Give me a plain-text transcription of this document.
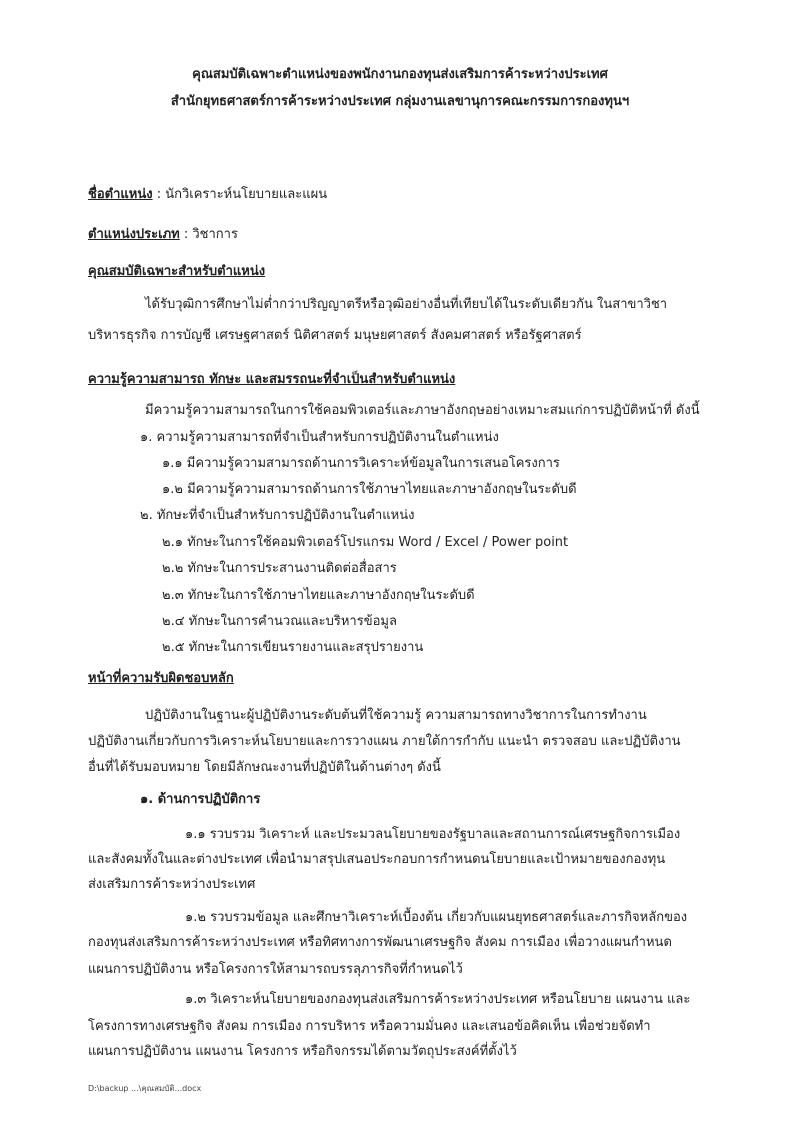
คุณสมบัติเฉพาะตำแหน่งของพนักงานกองทุนส่งเสริมการค้าระหว่างประเทศ
สำนักยุทธศาสตร์การค้าระหว่างประเทศ กลุ่มงานเลขานุการคณะกรรมการกองทุนฯ
ชื่อตำแหน่ง : นักวิเคราะห์นโยบายและแผน
ตำแหน่งประเภท : วิชาการ
คุณสมบัติเฉพาะสำหรับตำแหน่ง
ได้รับวุฒิการศึกษาไม่ต่ำกว่าปริญญาตรีหรือวุฒิอย่างอื่นที่เทียบได้ในระดับเดียวกัน ในสาขาวิชา
บริหารธุรกิจ การบัญชี เศรษฐศาสตร์ นิติศาสตร์ มนุษยศาสตร์ สังคมศาสตร์ หรือรัฐศาสตร์
ความรู้ความสามารถ ทักษะ และสมรรถนะที่จำเป็นสำหรับตำแหน่ง
มีความรู้ความสามารถในการใช้คอมพิวเตอร์และภาษาอังกฤษอย่างเหมาะสมแก่การปฏิบัติหน้าที่ ดังนี้
๑. ความรู้ความสามารถที่จำเป็นสำหรับการปฏิบัติงานในตำแหน่ง
๑.๑ มีความรู้ความสามารถด้านการวิเคราะห์ข้อมูลในการเสนอโครงการ
๑.๒ มีความรู้ความสามารถด้านการใช้ภาษาไทยและภาษาอังกฤษในระดับดี
๒. ทักษะที่จำเป็นสำหรับการปฏิบัติงานในตำแหน่ง
๒.๑ ทักษะในการใช้คอมพิวเตอร์โปรแกรม Word / Excel / Power point
๒.๒ ทักษะในการประสานงานติดต่อสื่อสาร
๒.๓ ทักษะในการใช้ภาษาไทยและภาษาอังกฤษในระดับดี
๒.๔ ทักษะในการคำนวณและบริหารข้อมูล
๒.๕ ทักษะในการเขียนรายงานและสรุปรายงาน
หน้าที่ความรับผิดชอบหลัก
ปฏิบัติงานในฐานะผู้ปฏิบัติงานระดับต้นที่ใช้ความรู้ ความสามารถทางวิชาการในการทำงาน
ปฏิบัติงานเกี่ยวกับการวิเคราะห์นโยบายและการวางแผน ภายใต้การกำกับ แนะนำ ตรวจสอบ และปฏิบัติงาน
อื่นที่ได้รับมอบหมาย โดยมีลักษณะงานที่ปฏิบัติในด้านต่างๆ ดังนี้
๑. ด้านการปฏิบัติการ
๑.๑ รวบรวม วิเคราะห์ และประมวลนโยบายของรัฐบาลและสถานการณ์เศรษฐกิจการเมือง
และสังคมทั้งในและต่างประเทศ เพื่อนำมาสรุปเสนอประกอบการกำหนดนโยบายและเป้าหมายของกองทุน
ส่งเสริมการค้าระหว่างประเทศ
๑.๒ รวบรวมข้อมูล และศึกษาวิเคราะห์เบื้องต้น เกี่ยวกับแผนยุทธศาสตร์และภารกิจหลักของ
กองทุนส่งเสริมการค้าระหว่างประเทศ หรือทิศทางการพัฒนาเศรษฐกิจ สังคม การเมือง เพื่อวางแผนกำหนด
แผนการปฏิบัติงาน หรือโครงการให้สามารถบรรลุภารกิจที่กำหนดไว้
๑.๓ วิเคราะห์นโยบายของกองทุนส่งเสริมการค้าระหว่างประเทศ หรือนโยบาย แผนงาน และ
โครงการทางเศรษฐกิจ สังคม การเมือง การบริหาร หรือความมั่นคง และเสนอข้อคิดเห็น เพื่อช่วยจัดทำ
แผนการปฏิบัติงาน แผนงาน โครงการ หรือกิจกรรมได้ตามวัตถุประสงค์ที่ตั้งไว้
D:\backup ...\คุณสมบัติ...docx
